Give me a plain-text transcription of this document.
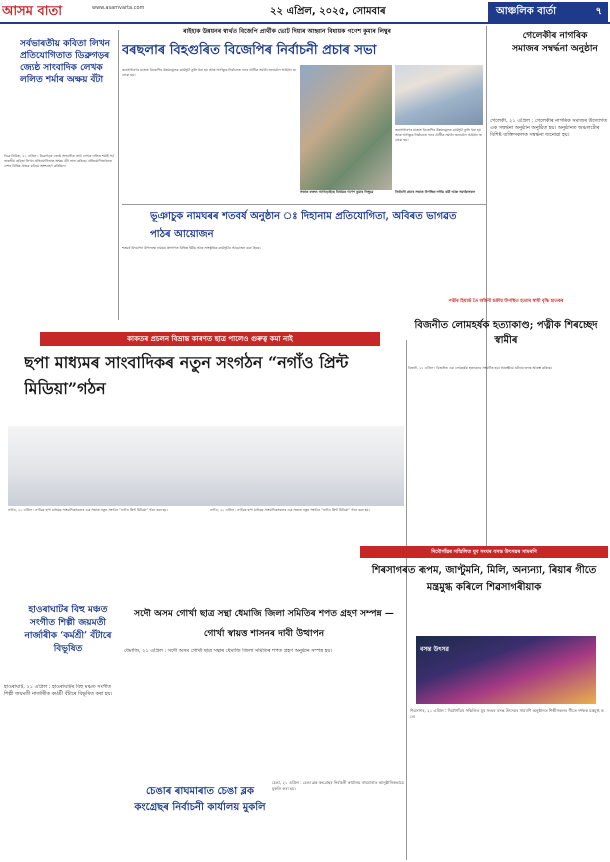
আসম বাতা	www.asamvarta.com	২২ এপ্ৰিল, ২০২৫, সোমবাৰ	আঞ্চলিক বাৰ্তা	৭
সৰ্বভাৰতীয় কবিতা লিখন প্ৰতিযোগিতাত ডিব্ৰুগড়ৰ জ্যেষ্ঠ সাংবাদিক লেখক ললিত শৰ্মাৰ অক্ষয় বঁটা
ডিব্ৰু নিউজ, ২১ এপ্ৰিল : ডিব্ৰুগড়ৰ জ্যেষ্ঠ সাংবাদিক তথা লেখক ললিত শৰ্মাই সৰ্বভাৰতীয় কবিতা লিখন প্ৰতিযোগিতাত অক্ষয় বঁটা লাভ কৰিছে। প্ৰতিযোগিতাখনত দেশৰ বিভিন্ন প্ৰান্তৰ কবিয়ে অংশগ্ৰহণ কৰিছিল।
ৰাইহাক উন্নয়নৰ স্বাৰ্থত বিজেপি প্ৰাৰ্থীক ভোট দিয়াৰ আহ্বান বিধায়ক গণেশ কুমাৰ লিম্বুৰ
বৰছলাৰ বিহগুৰিত বিজেপিৰ নিৰ্বাচনী প্ৰচাৰ সভা
জনসাধাৰণৰ মাজত বিজেপিৰ উন্নয়নমূলক কাৰ্যসূচী তুলি ধৰা হয় আৰু আগন্তুক নিৰ্বাচনত দলৰ প্ৰাৰ্থীক সমৰ্থন জনাবলৈ আহ্বান জনোৱা হয়।
জনসাধাৰণৰ মাজত বিজেপিৰ উন্নয়নমূলক কাৰ্যসূচী তুলি ধৰা হয় আৰু আগন্তুক নিৰ্বাচনত দলৰ প্ৰাৰ্থীক সমৰ্থন জনাবলৈ আহ্বান জনোৱা হয়।
সভাত বক্তব্য আগবঢ়াইছে বিধায়ক গণেশ কুমাৰ লিম্বুৱে	নিৰ্বাচনী প্ৰচাৰ সভাত উপস্থিত দলীয় কৰ্মী আৰু সমৰ্থকসকল
গেলেকীৰ নাগৰিক সমাজৰ সম্বৰ্দ্ধনা অনুষ্ঠান
গেলেকী, ২১ এপ্ৰিল : গেলেকীৰ নাগৰিক সমাজৰ উদ্যোগত এক সম্বৰ্দ্ধনা অনুষ্ঠান অনুষ্ঠিত হয়। অনুষ্ঠানত অঞ্চলটোৰ বিশিষ্ট ব্যক্তিসকলক সম্বৰ্দ্ধনা জনোৱা হয়।
ভূঞাচুক নামঘৰৰ শতবৰ্ষ অনুষ্ঠান ঃ দিহানাম প্ৰতিযোগিতা, অবিৰত ভাগৱত পাঠৰ আয়োজন
শতবৰ্ষ উদযাপন উপলক্ষে নামঘৰ প্ৰাংগণত বিভিন্ন ধৰ্মীয় আৰু সাংস্কৃতিক কাৰ্যসূচীৰ আয়োজন কৰা হৈছে।
পত্নীৰ হিয়াৰ্ড তৈ আঁচনী চক্ৰীয় উপস্থিত হত্যাৰ স্বামী বৃদ্ধি হাতকৰ
বিজনীত লোমহৰ্ষক হত্যাকাণ্ড; পত্নীক শিৰচ্ছেদ স্বামীৰ
বিজনী, ২১ এপ্ৰিল : বিজনীত এক লোমহৰ্ষক হত্যাকাণ্ড সংঘটিত হয়। আৰক্ষীয়ে ঘটনাৰ তদন্ত আৰম্ভ কৰিছে।
কাকতৰ প্ৰচলন বিভ্ৰান্ত কাৰণত ছাত্ৰ পালেও গুৰুত্ব কমা নাই
ছপা মাধ্যমৰ সাংবাদিকৰ নতুন সংগঠন “নগাঁও প্ৰিন্ট মিডিয়া”গঠন
নগাঁও, ২১ এপ্ৰিল : নগাঁৱৰ ছপা মাধ্যমৰ সাংবাদিকসকলৰ এক সভাত নতুন সংগঠন “নগাঁও প্ৰিন্ট মিডিয়া” গঠন কৰা হয়।	নগাঁও, ২১ এপ্ৰিল : নগাঁৱৰ ছপা মাধ্যমৰ সাংবাদিকসকলৰ এক সভাত নতুন সংগঠন “নগাঁও প্ৰিন্ট মিডিয়া” গঠন কৰা হয়।
হাওৰাঘাটৰ বিহু মঞ্চত সংগীত শিল্পী জয়মতী নাৰ্জাৰীক ‘কৰ্মশ্ৰী’ বঁটাৰে বিভূষিত
হাওৰাঘাট, ২১ এপ্ৰিল : হাওৰাঘাটৰ বিহু মঞ্চত সংগীত শিল্পী জয়মতী নাৰ্জাৰীক কৰ্মশ্ৰী বঁটাৰে বিভূষিত কৰা হয়।
সদৌ অসম গোৰ্খা ছাত্ৰ সন্থা ধেমাজি জিলা সমিতিৰ শপত গ্ৰহণ সম্পন্ন — গোৰ্খা স্বায়ত্ত শাসনৰ দাবী উত্থাপন
ধেমাজি, ২১ এপ্ৰিল : সদৌ অসম গোৰ্খা ছাত্ৰ সন্থাৰ ধেমাজি জিলা সমিতিৰ শপত গ্ৰহণ অনুষ্ঠান সম্পন্ন হয়।
দিমৌগাঁৱৰ সন্মিলিত যুব সংঘৰ বসন্ত উৎসৱৰ সামৰণি
শিৰসাগৰত ৰূপম, জাণ্টুমনি, মিলি, অন্যন্যা, ৰিয়াৰ গীতে মন্ত্ৰমুগ্ধ কৰিলে শিৱসাগৰীয়াক
বসন্ত উৎসৱ
শিৱসাগৰ, ২১ এপ্ৰিল : দিমৌগাঁৱৰ সন্মিলিত যুব সংঘৰ বসন্ত উৎসৱৰ সামৰণি অনুষ্ঠানত শিল্পীসকলৰ গীতে দৰ্শকক মন্ত্ৰমুগ্ধ কৰে।
চেঙাৰ ৰাঘমাৰাত চেঙা ব্লক কংগ্ৰেছৰ নিৰ্বাচনী কাৰ্যালয় মুকলি
চেঙা, ২১ এপ্ৰিল : চেঙা ব্লক কংগ্ৰেছৰ নিৰ্বাচনী কাৰ্যালয় ৰাঘমাৰাত আনুষ্ঠানিকভাৱে মুকলি কৰা হয়।
